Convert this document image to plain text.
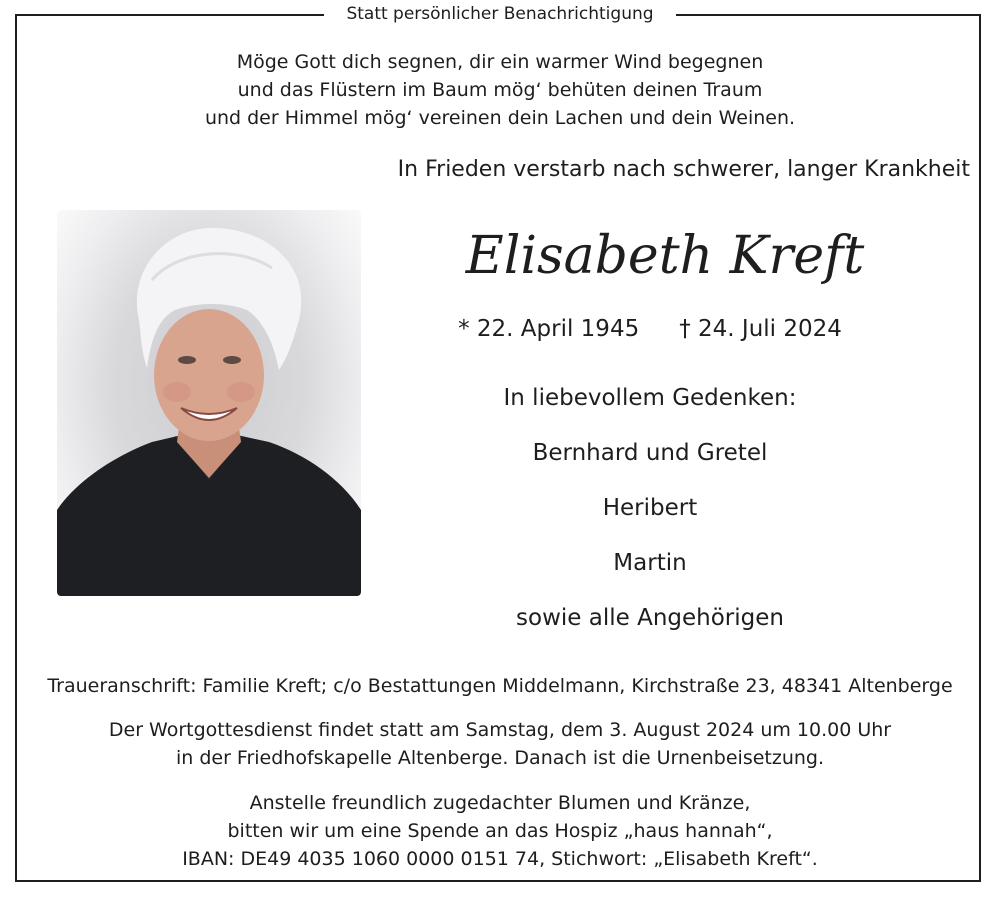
Statt persönlicher Benachrichtigung
Möge Gott dich segnen, dir ein warmer Wind begegnen
und das Flüstern im Baum mög‘ behüten deinen Traum
und der Himmel mög‘ vereinen dein Lachen und dein Weinen.
In Frieden verstarb nach schwerer, langer Krankheit
Elisabeth Kreft
* 22. April 1945 † 24. Juli 2024
In liebevollem Gedenken:
Bernhard und Gretel
Heribert
Martin
sowie alle Angehörigen
Traueranschrift: Familie Kreft; c/o Bestattungen Middelmann, Kirchstraße 23, 48341 Altenberge
Der Wortgottesdienst findet statt am Samstag, dem 3. August 2024 um 10.00 Uhr
in der Friedhofskapelle Altenberge. Danach ist die Urnenbeisetzung.
Anstelle freundlich zugedachter Blumen und Kränze,
bitten wir um eine Spende an das Hospiz „haus hannah“,
IBAN: DE49 4035 1060 0000 0151 74, Stichwort: „Elisabeth Kreft“.
